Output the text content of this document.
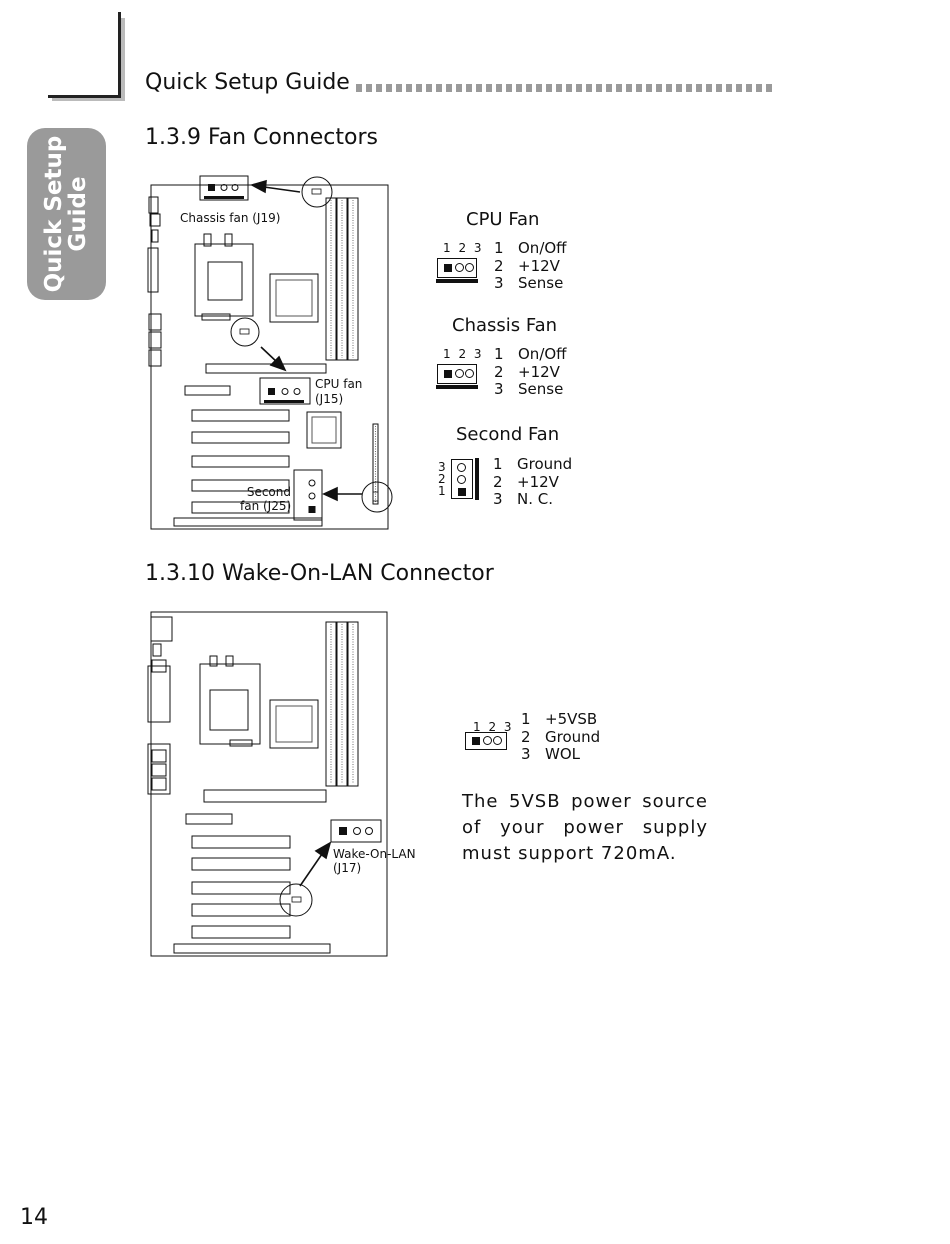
Quick Setup Guide
Quick Setup
Guide
1.3.9 Fan Connectors
Chassis fan (J19)
CPU fan
(J15)
Second
fan (J25)
CPU Fan
1 2 3 1 On/Off
2 +12V
3 Sense
Chassis Fan
1 2 3 1 On/Off
2 +12V
3 Sense
Second Fan
3
2
1
1 Ground
2 +12V
3 N. C.
1.3.10 Wake-On-LAN Connector
Wake-On-LAN
(J17)
1 2 3 1 +5VSB
2 Ground
3 WOL
The 5VSB power source of your power supply must support 720mA.
14
